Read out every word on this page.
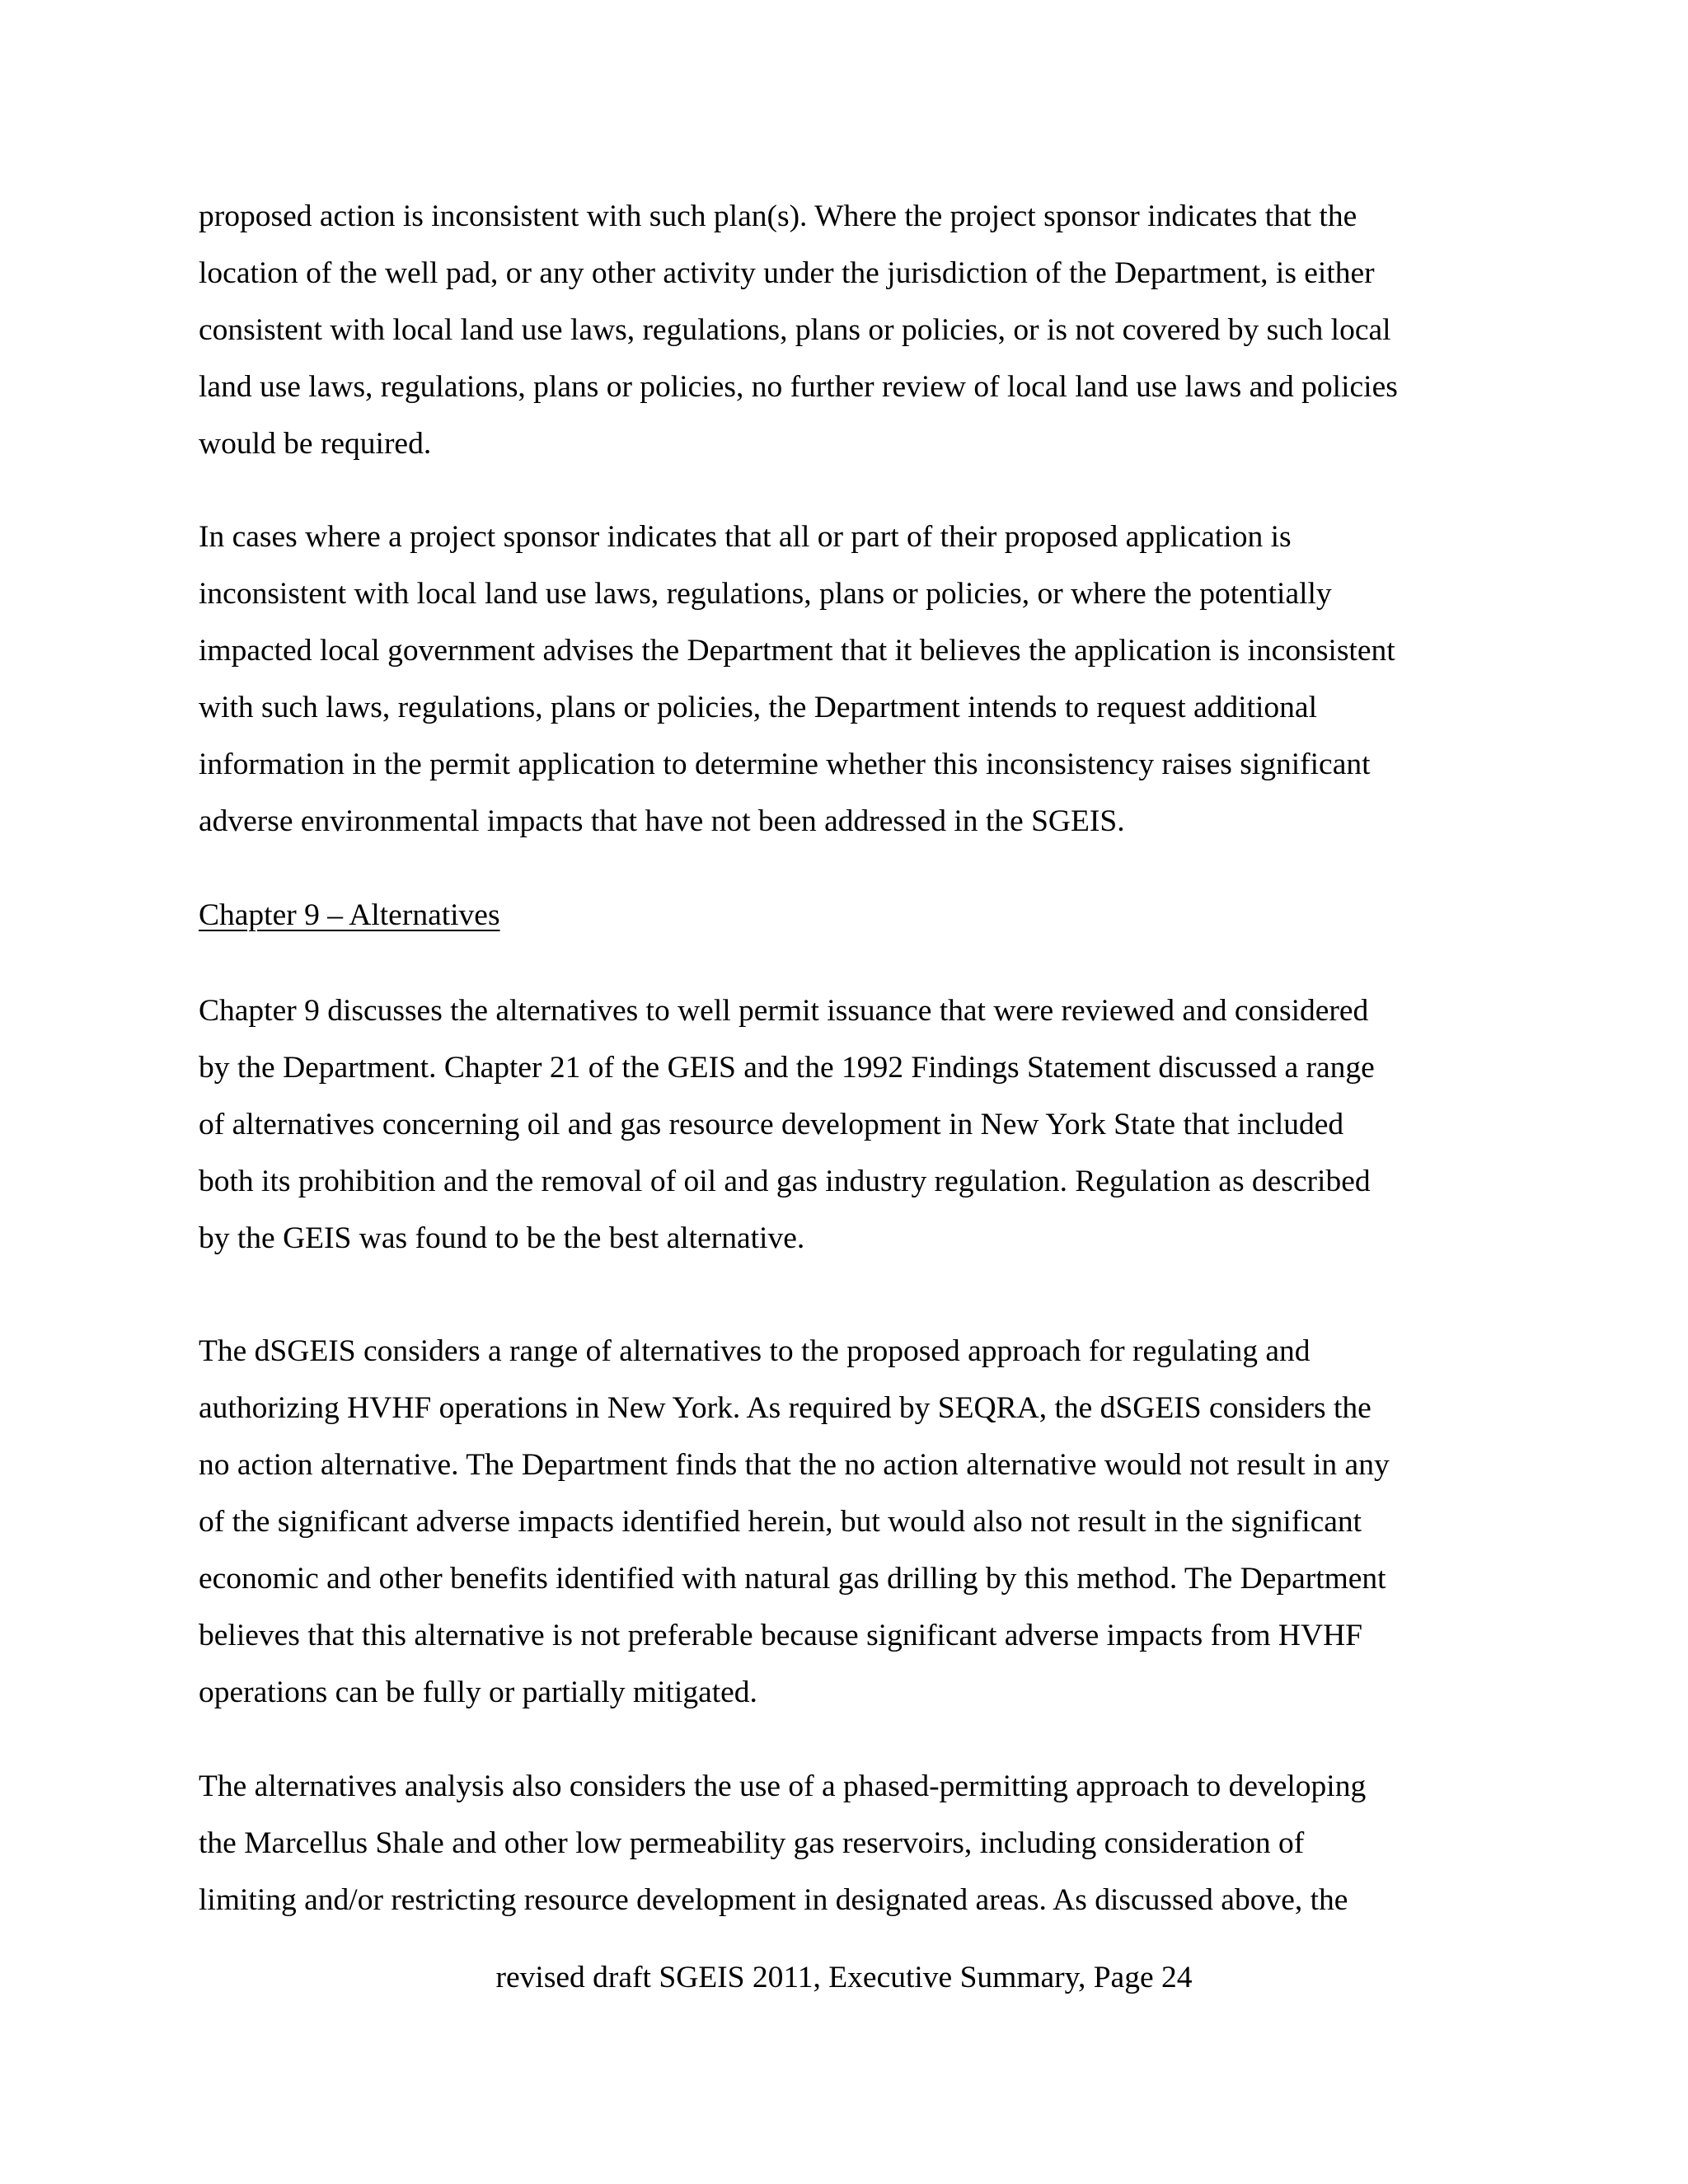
proposed action is inconsistent with such plan(s). Where the project sponsor indicates that the
location of the well pad, or any other activity under the jurisdiction of the Department, is either
consistent with local land use laws, regulations, plans or policies, or is not covered by such local
land use laws, regulations, plans or policies, no further review of local land use laws and policies
would be required.

In cases where a project sponsor indicates that all or part of their proposed application is
inconsistent with local land use laws, regulations, plans or policies, or where the potentially
impacted local government advises the Department that it believes the application is inconsistent
with such laws, regulations, plans or policies, the Department intends to request additional
information in the permit application to determine whether this inconsistency raises significant
adverse environmental impacts that have not been addressed in the SGEIS.

Chapter 9 – Alternatives

Chapter 9 discusses the alternatives to well permit issuance that were reviewed and considered
by the Department. Chapter 21 of the GEIS and the 1992 Findings Statement discussed a range
of alternatives concerning oil and gas resource development in New York State that included
both its prohibition and the removal of oil and gas industry regulation. Regulation as described
by the GEIS was found to be the best alternative.

The dSGEIS considers a range of alternatives to the proposed approach for regulating and
authorizing HVHF operations in New York. As required by SEQRA, the dSGEIS considers the
no action alternative. The Department finds that the no action alternative would not result in any
of the significant adverse impacts identified herein, but would also not result in the significant
economic and other benefits identified with natural gas drilling by this method. The Department
believes that this alternative is not preferable because significant adverse impacts from HVHF
operations can be fully or partially mitigated.

The alternatives analysis also considers the use of a phased-permitting approach to developing
the Marcellus Shale and other low permeability gas reservoirs, including consideration of
limiting and/or restricting resource development in designated areas. As discussed above, the

revised draft SGEIS 2011, Executive Summary, Page 24
